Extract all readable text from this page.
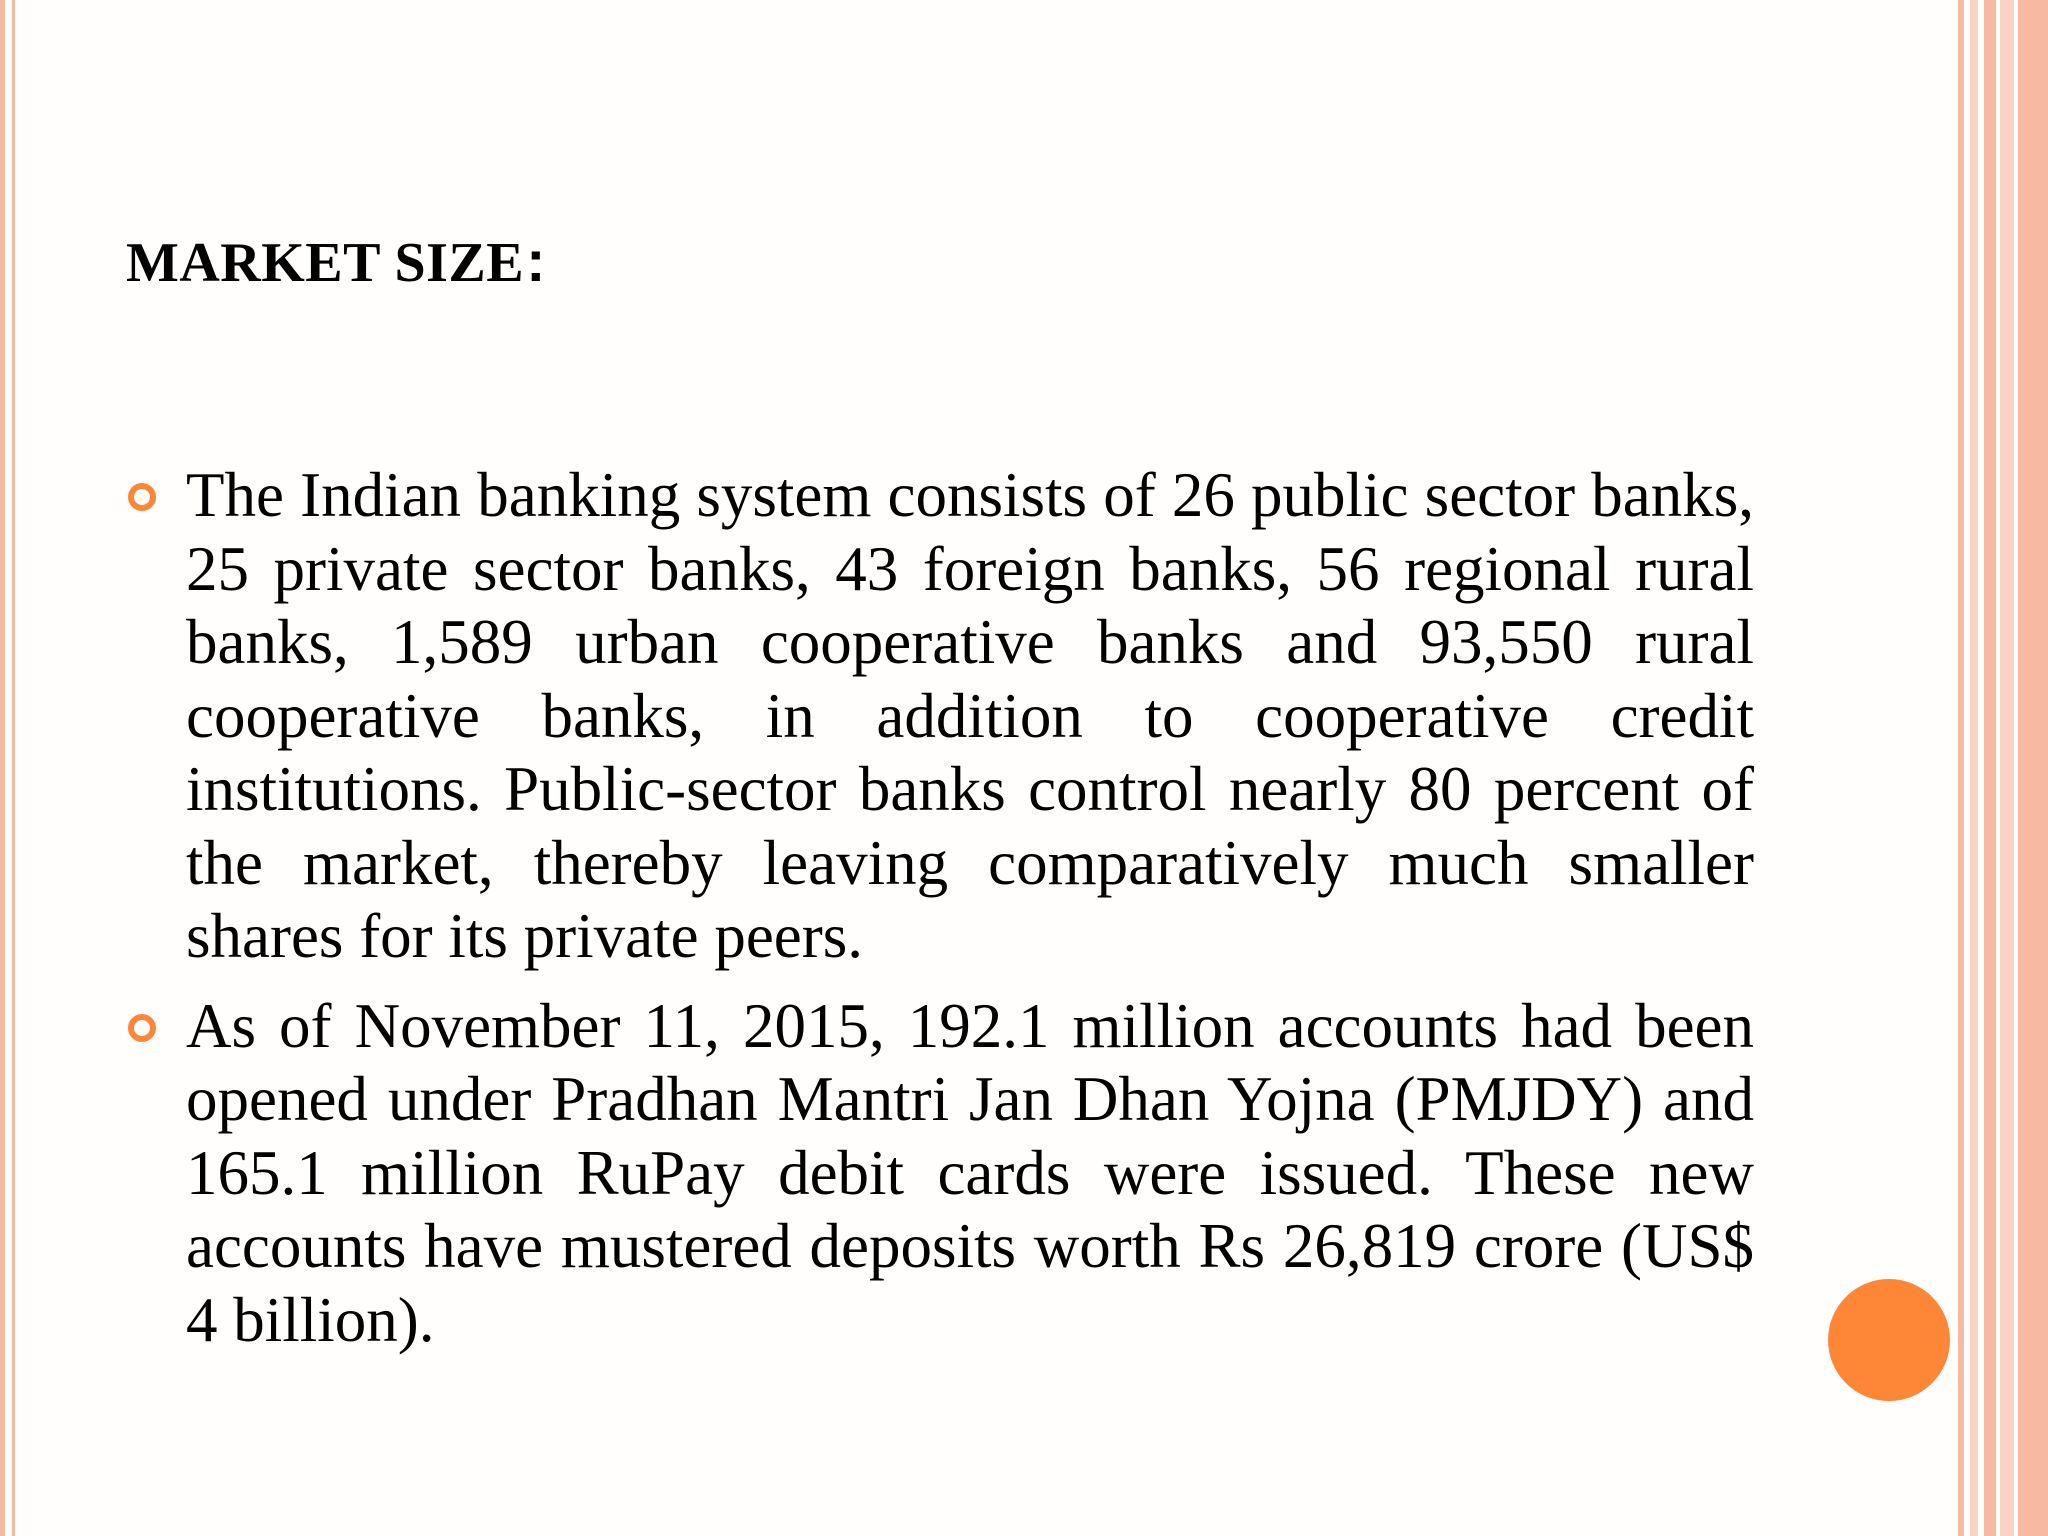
MARKET SIZE:
The Indian banking system consists of 26 public sector banks, 25 private sector banks, 43 foreign banks, 56 regional rural banks, 1,589 urban cooperative banks and 93,550 rural cooperative banks, in addition to cooperative credit institutions. Public-sector banks control nearly 80 percent of the market, thereby leaving comparatively much smaller shares for its private peers.
As of November 11, 2015, 192.1 million accounts had been opened under Pradhan Mantri Jan Dhan Yojna (PMJDY) and 165.1 million RuPay debit cards were issued. These new accounts have mustered deposits worth Rs 26,819 crore (US$ 4 billion).
